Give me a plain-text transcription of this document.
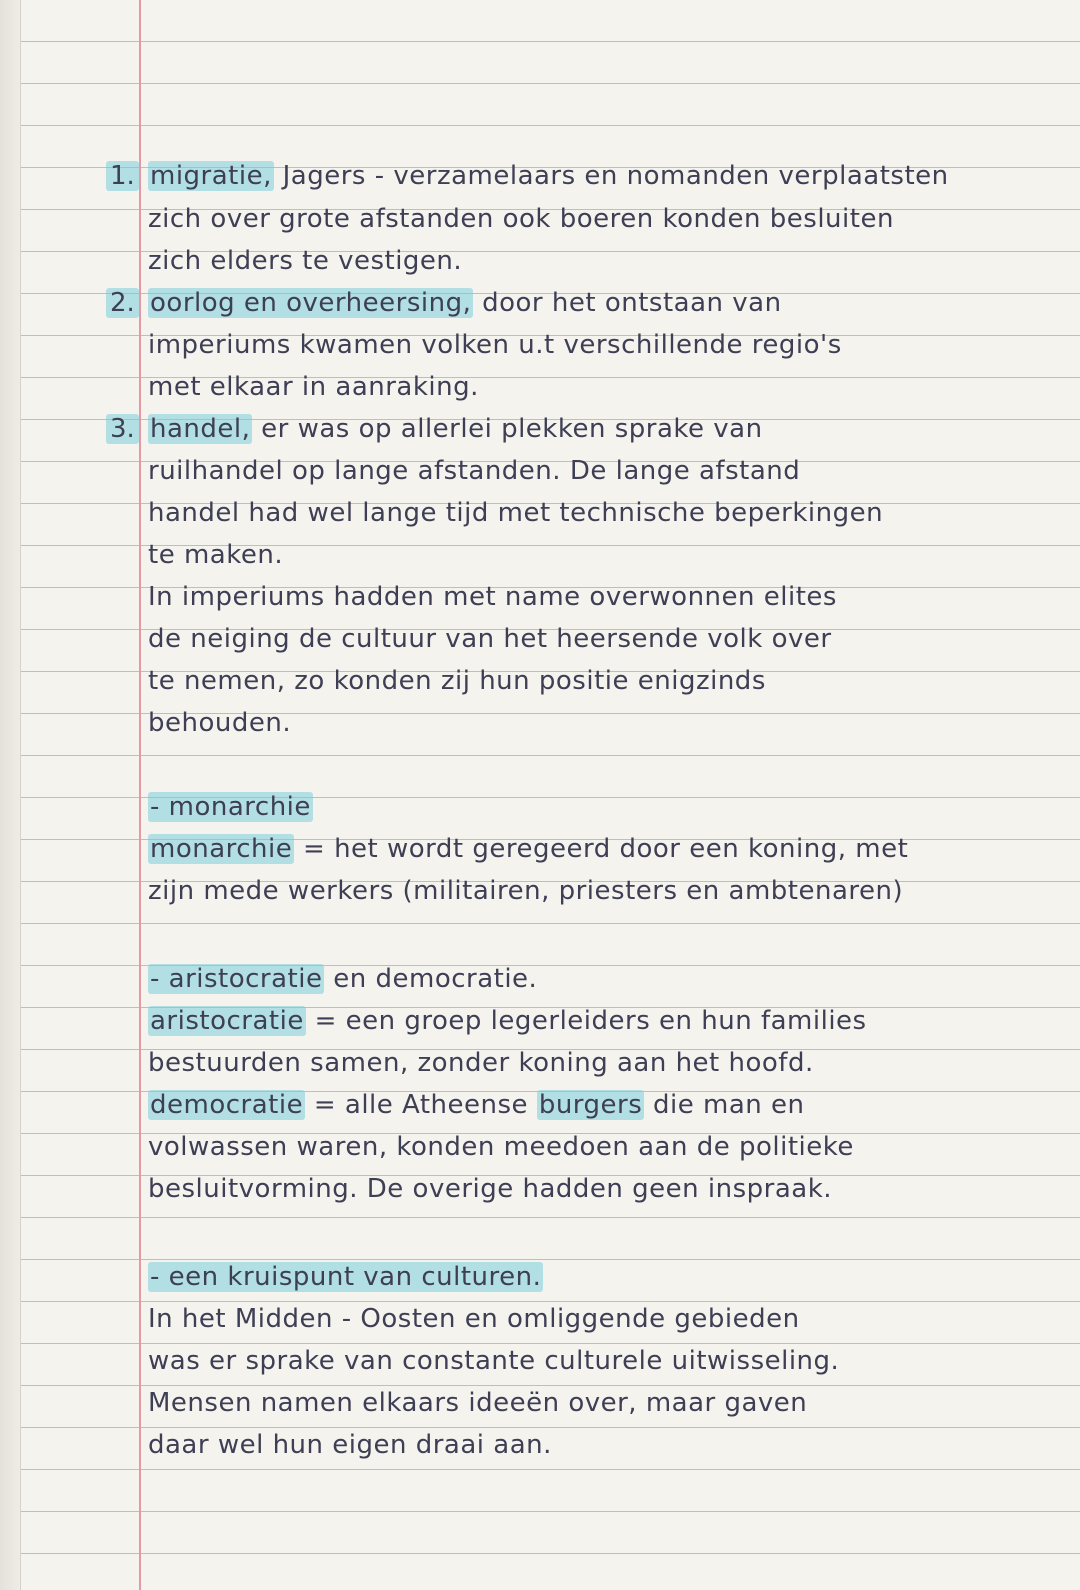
1. migratie, Jagers - verzamelaars en nomanden verplaatsten
zich over grote afstanden ook boeren konden besluiten
zich elders te vestigen.
2. oorlog en overheersing, door het ontstaan van
imperiums kwamen volken u.t verschillende regio's
met elkaar in aanraking.
3. handel, er was op allerlei plekken sprake van
ruilhandel op lange afstanden. De lange afstand
handel had wel lange tijd met technische beperkingen
te maken.
In imperiums hadden met name overwonnen elites
de neiging de cultuur van het heersende volk over
te nemen, zo konden zij hun positie enigzinds
behouden.
- monarchie
monarchie = het wordt geregeerd door een koning, met
zijn mede werkers (militairen, priesters en ambtenaren)
- aristocratie en democratie.
aristocratie = een groep legerleiders en hun families
bestuurden samen, zonder koning aan het hoofd.
democratie = alle Atheense burgers die man en
volwassen waren, konden meedoen aan de politieke
besluitvorming. De overige hadden geen inspraak.
- een kruispunt van culturen.
In het Midden - Oosten en omliggende gebieden
was er sprake van constante culturele uitwisseling.
Mensen namen elkaars ideeën over, maar gaven
daar wel hun eigen draai aan.
